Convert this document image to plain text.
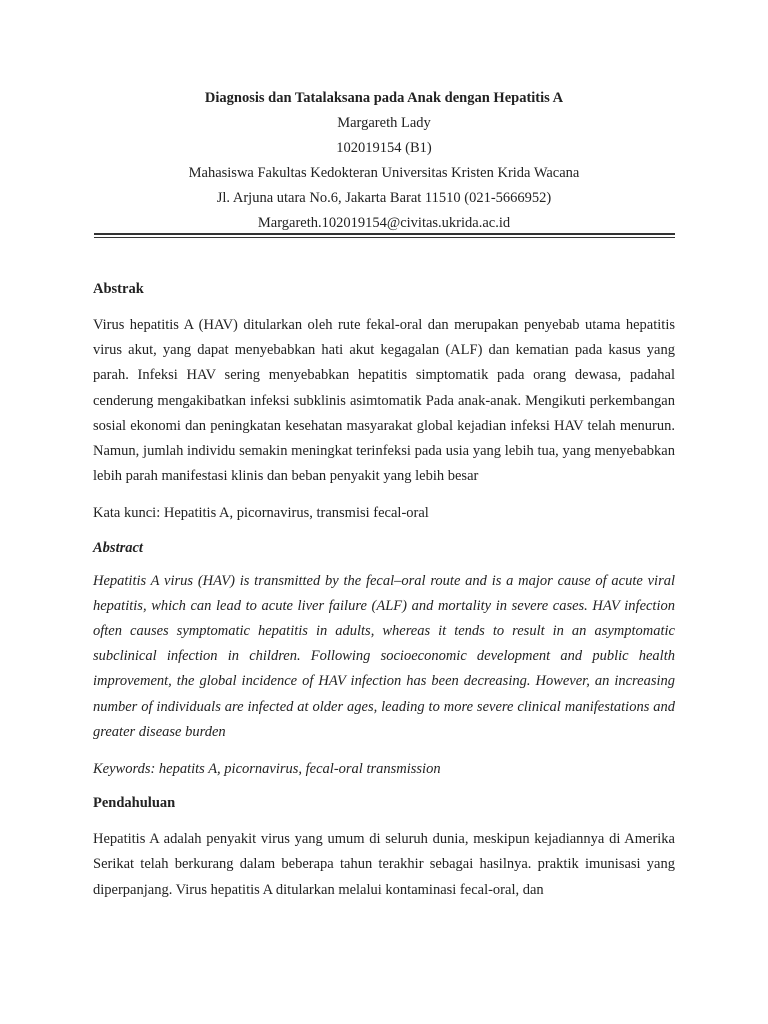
Diagnosis dan Tatalaksana pada Anak dengan Hepatitis A
Margareth Lady
102019154 (B1)
Mahasiswa Fakultas Kedokteran Universitas Kristen Krida Wacana
Jl. Arjuna utara No.6, Jakarta Barat 11510 (021-5666952)
Margareth.102019154@civitas.ukrida.ac.id
Abstrak

Virus hepatitis A (HAV) ditularkan oleh rute fekal-oral dan merupakan penyebab utama hepatitis virus akut, yang dapat menyebabkan hati akut kegagalan (ALF) dan kematian pada kasus yang parah. Infeksi HAV sering menyebabkan hepatitis simptomatik pada orang dewasa, padahal cenderung mengakibatkan infeksi subklinis asimtomatik Pada anak-anak. Mengikuti perkembangan sosial ekonomi dan peningkatan kesehatan masyarakat global kejadian infeksi HAV telah menurun. Namun, jumlah individu semakin meningkat terinfeksi pada usia yang lebih tua, yang menyebabkan lebih parah manifestasi klinis dan beban penyakit yang lebih besar

Kata kunci: Hepatitis A, picornavirus, transmisi fecal-oral

Abstract

Hepatitis A virus (HAV) is transmitted by the fecal–oral route and is a major cause of acute viral hepatitis, which can lead to acute liver failure (ALF) and mortality in severe cases. HAV infection often causes symptomatic hepatitis in adults, whereas it tends to result in an asymptomatic subclinical infection in children. Following socioeconomic development and public health improvement, the global incidence of HAV infection has been decreasing. However, an increasing number of individuals are infected at older ages, leading to more severe clinical manifestations and greater disease burden

Keywords: hepatits A, picornavirus, fecal-oral transmission

Pendahuluan

Hepatitis A adalah penyakit virus yang umum di seluruh dunia, meskipun kejadiannya di Amerika Serikat telah berkurang dalam beberapa tahun terakhir sebagai hasilnya. praktik imunisasi yang diperpanjang. Virus hepatitis A ditularkan melalui kontaminasi fecal-oral, dan
